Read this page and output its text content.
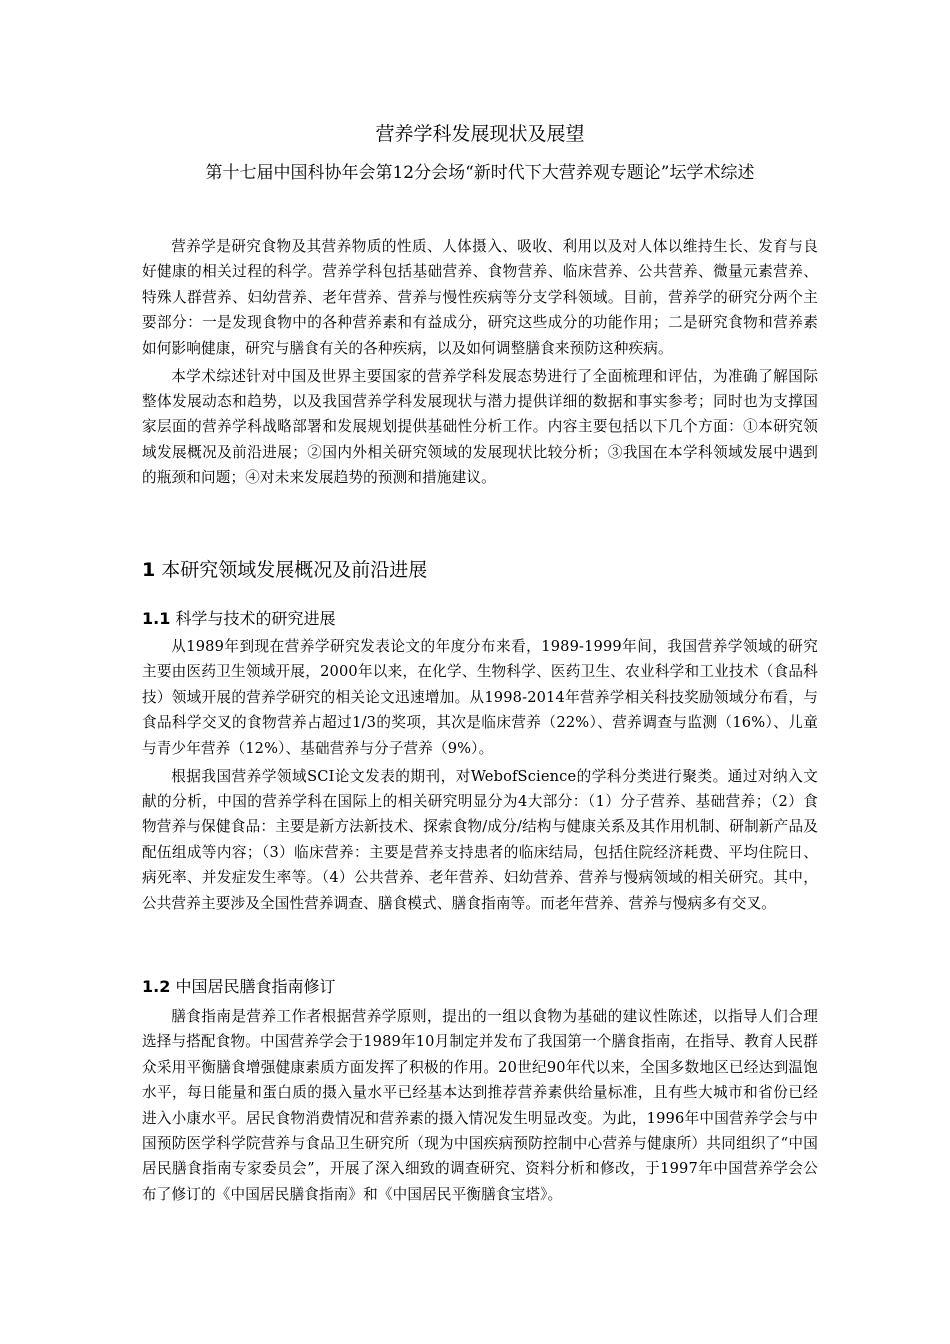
营养学科发展现状及展望
第十七届中国科协年会第12分会场“新时代下大营养观专题论”坛学术综述

营养学是研究食物及其营养物质的性质、人体摄入、吸收、利用以及对人体以维持生长、发育与良好健康的相关过程的科学。营养学科包括基础营养、食物营养、临床营养、公共营养、微量元素营养、特殊人群营养、妇幼营养、老年营养、营养与慢性疾病等分支学科领域。目前，营养学的研究分两个主要部分：一是发现食物中的各种营养素和有益成分，研究这些成分的功能作用；二是研究食物和营养素如何影响健康，研究与膳食有关的各种疾病，以及如何调整膳食来预防这种疾病。

本学术综述针对中国及世界主要国家的营养学科发展态势进行了全面梳理和评估，为准确了解国际整体发展动态和趋势，以及我国营养学科发展现状与潜力提供详细的数据和事实参考；同时也为支撑国家层面的营养学科战略部署和发展规划提供基础性分析工作。内容主要包括以下几个方面：①本研究领域发展概况及前沿进展；②国内外相关研究领域的发展现状比较分析；③我国在本学科领域发展中遇到的瓶颈和问题；④对未来发展趋势的预测和措施建议。

1 本研究领域发展概况及前沿进展

1.1 科学与技术的研究进展

从1989年到现在营养学研究发表论文的年度分布来看，1989-1999年间，我国营养学领域的研究主要由医药卫生领域开展，2000年以来，在化学、生物科学、医药卫生、农业科学和工业技术（食品科技）领域开展的营养学研究的相关论文迅速增加。从1998-2014年营养学相关科技奖励领域分布看，与食品科学交叉的食物营养占超过1/3的奖项，其次是临床营养（22%）、营养调查与监测（16%）、儿童与青少年营养（12%）、基础营养与分子营养（9%）。

根据我国营养学领域SCI论文发表的期刊，对WebofScience的学科分类进行聚类。通过对纳入文献的分析，中国的营养学科在国际上的相关研究明显分为4大部分：（1）分子营养、基础营养；（2）食物营养与保健食品：主要是新方法新技术、探索食物/成分/结构与健康关系及其作用机制、研制新产品及配伍组成等内容；（3）临床营养：主要是营养支持患者的临床结局，包括住院经济耗费、平均住院日、病死率、并发症发生率等。（4）公共营养、老年营养、妇幼营养、营养与慢病领域的相关研究。其中，公共营养主要涉及全国性营养调查、膳食模式、膳食指南等。而老年营养、营养与慢病多有交叉。

1.2 中国居民膳食指南修订

膳食指南是营养工作者根据营养学原则，提出的一组以食物为基础的建议性陈述，以指导人们合理选择与搭配食物。中国营养学会于1989年10月制定并发布了我国第一个膳食指南，在指导、教育人民群众采用平衡膳食增强健康素质方面发挥了积极的作用。20世纪90年代以来，全国多数地区已经达到温饱水平，每日能量和蛋白质的摄入量水平已经基本达到推荐营养素供给量标准，且有些大城市和省份已经进入小康水平。居民食物消费情况和营养素的摄入情况发生明显改变。为此，1996年中国营养学会与中国预防医学科学院营养与食品卫生研究所（现为中国疾病预防控制中心营养与健康所）共同组织了“中国居民膳食指南专家委员会”，开展了深入细致的调查研究、资料分析和修改，于1997年中国营养学会公布了修订的《中国居民膳食指南》和《中国居民平衡膳食宝塔》。
